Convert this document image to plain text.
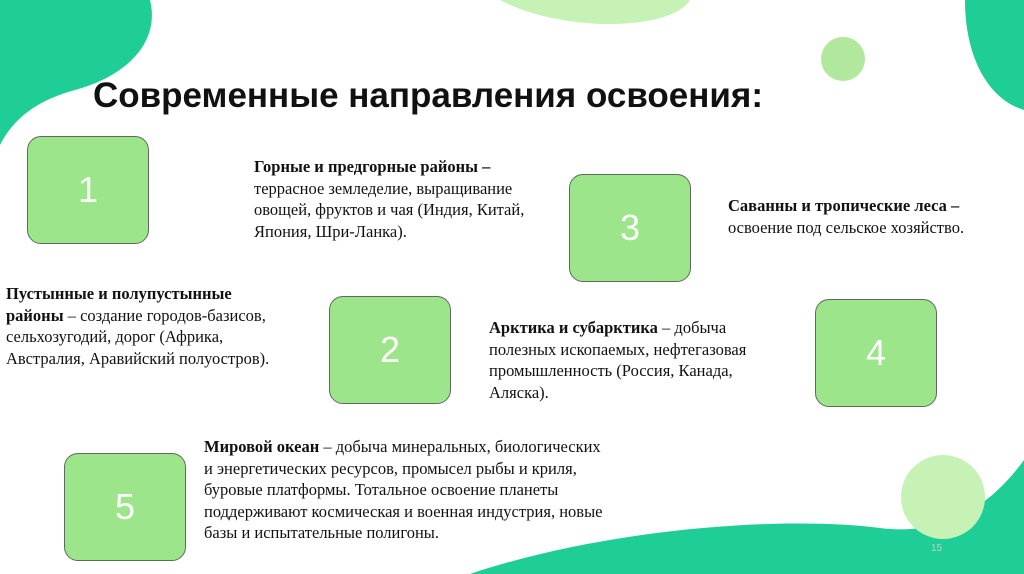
Современные направления освоения:
1
2
3
4
5
Горные и предгорные районы – террасное земледелие, выращивание овощей, фруктов и чая (Индия, Китай, Япония, Шри-Ланка).
Пустынные и полупустынные районы – создание городов-базисов, сельхозугодий, дорог (Африка, Австралия, Аравийский полуостров).
Саванны и тропические леса – освоение под сельское хозяйство.
Арктика и субарктика – добыча полезных ископаемых, нефтегазовая промышленность (Россия, Канада, Аляска).
Мировой океан – добыча минеральных, биологических и энергетических ресурсов, промысел рыбы и криля, буровые платформы. Тотальное освоение планеты поддерживают космическая и военная индустрия, новые базы и испытательные полигоны.
15
